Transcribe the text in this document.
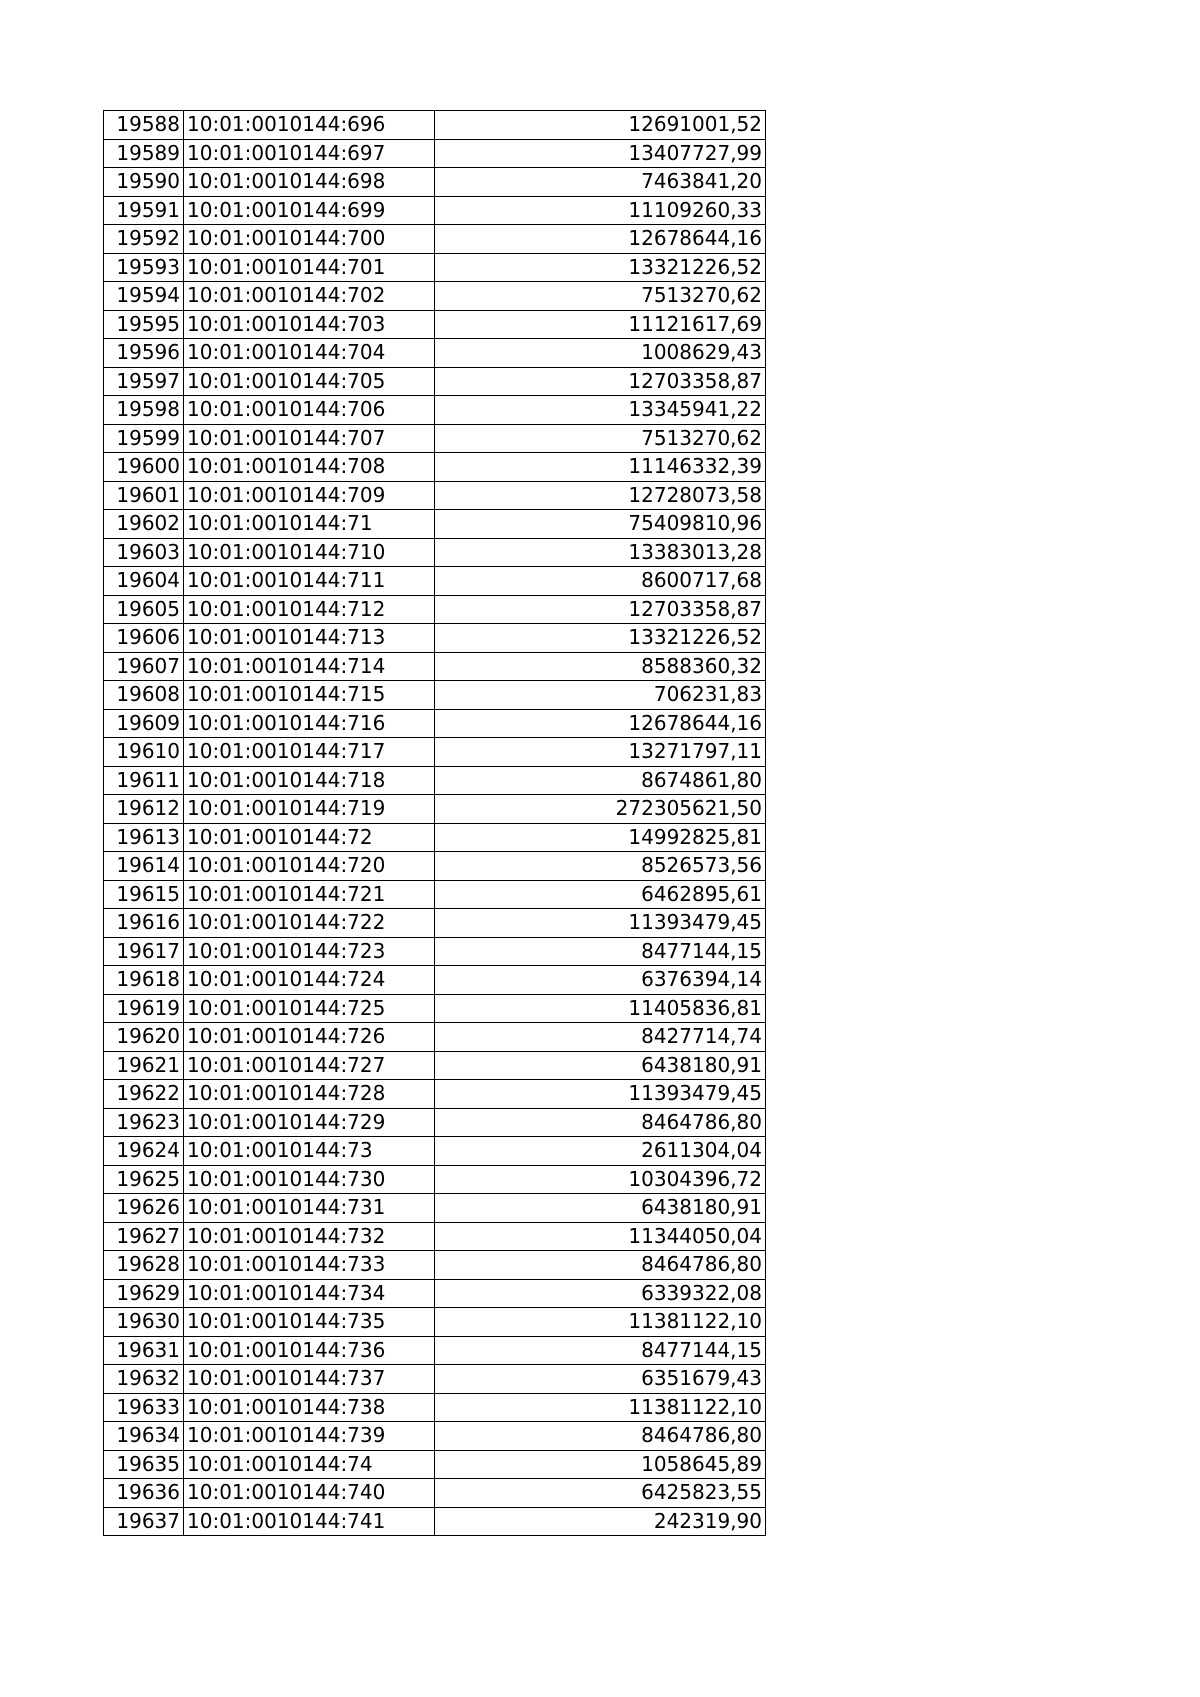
19588	10:01:0010144:696	12691001,52
19589	10:01:0010144:697	13407727,99
19590	10:01:0010144:698	7463841,20
19591	10:01:0010144:699	11109260,33
19592	10:01:0010144:700	12678644,16
19593	10:01:0010144:701	13321226,52
19594	10:01:0010144:702	7513270,62
19595	10:01:0010144:703	11121617,69
19596	10:01:0010144:704	1008629,43
19597	10:01:0010144:705	12703358,87
19598	10:01:0010144:706	13345941,22
19599	10:01:0010144:707	7513270,62
19600	10:01:0010144:708	11146332,39
19601	10:01:0010144:709	12728073,58
19602	10:01:0010144:71	75409810,96
19603	10:01:0010144:710	13383013,28
19604	10:01:0010144:711	8600717,68
19605	10:01:0010144:712	12703358,87
19606	10:01:0010144:713	13321226,52
19607	10:01:0010144:714	8588360,32
19608	10:01:0010144:715	706231,83
19609	10:01:0010144:716	12678644,16
19610	10:01:0010144:717	13271797,11
19611	10:01:0010144:718	8674861,80
19612	10:01:0010144:719	272305621,50
19613	10:01:0010144:72	14992825,81
19614	10:01:0010144:720	8526573,56
19615	10:01:0010144:721	6462895,61
19616	10:01:0010144:722	11393479,45
19617	10:01:0010144:723	8477144,15
19618	10:01:0010144:724	6376394,14
19619	10:01:0010144:725	11405836,81
19620	10:01:0010144:726	8427714,74
19621	10:01:0010144:727	6438180,91
19622	10:01:0010144:728	11393479,45
19623	10:01:0010144:729	8464786,80
19624	10:01:0010144:73	2611304,04
19625	10:01:0010144:730	10304396,72
19626	10:01:0010144:731	6438180,91
19627	10:01:0010144:732	11344050,04
19628	10:01:0010144:733	8464786,80
19629	10:01:0010144:734	6339322,08
19630	10:01:0010144:735	11381122,10
19631	10:01:0010144:736	8477144,15
19632	10:01:0010144:737	6351679,43
19633	10:01:0010144:738	11381122,10
19634	10:01:0010144:739	8464786,80
19635	10:01:0010144:74	1058645,89
19636	10:01:0010144:740	6425823,55
19637	10:01:0010144:741	242319,90
